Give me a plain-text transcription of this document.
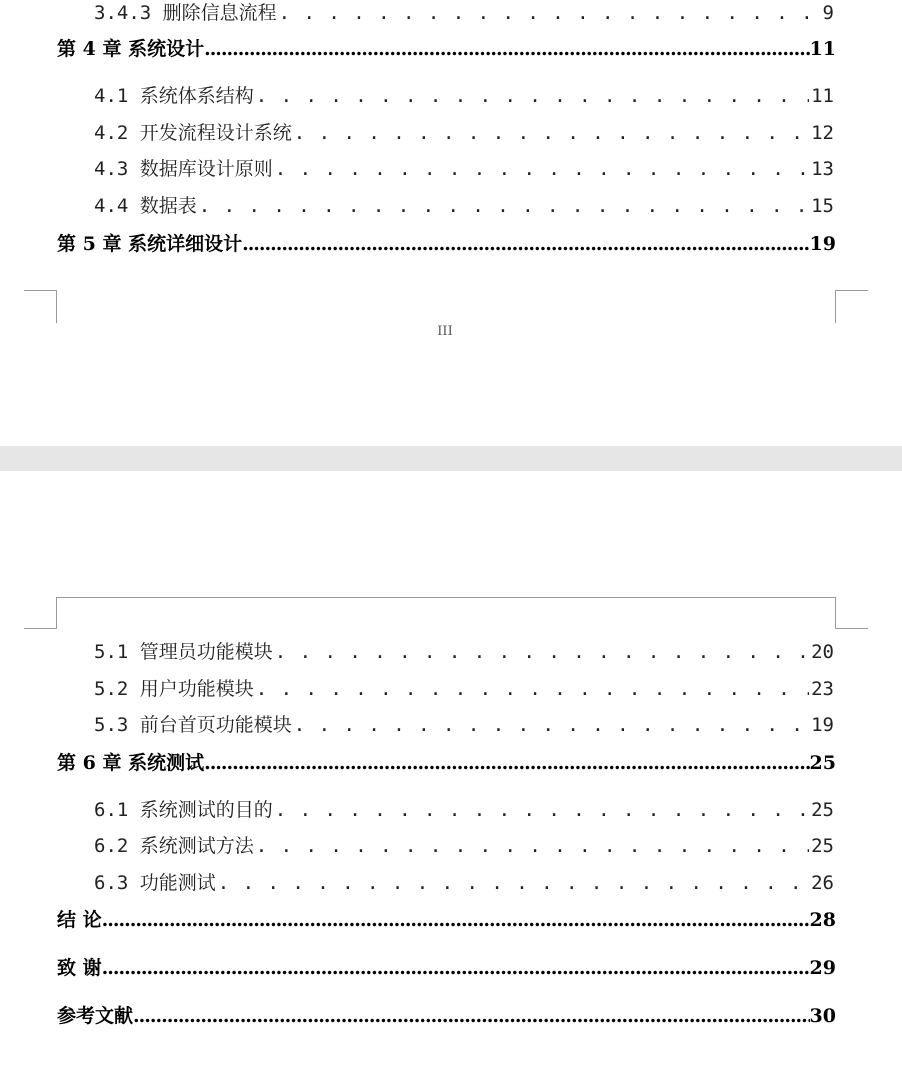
3.4.3 删除信息流程 . . .	9
第 4 章 系统设计 .....	11
4.1 系统体系结构 . . .	11
4.2 开发流程设计系统 . . .	12
4.3 数据库设计原则 . . .	13
4.4 数据表 . . .	15
第 5 章 系统详细设计 .....	19
III
5.1 管理员功能模块 . . .	20
5.2 用户功能模块 . . .	23
5.3 前台首页功能模块 . . .	19
第 6 章 系统测试 .....	25
6.1 系统测试的目的 . . .	25
6.2 系统测试方法 . . .	25
6.3 功能测试 . . .	26
结 论 .....	28
致 谢 .....	29
参考文献 .....	30
